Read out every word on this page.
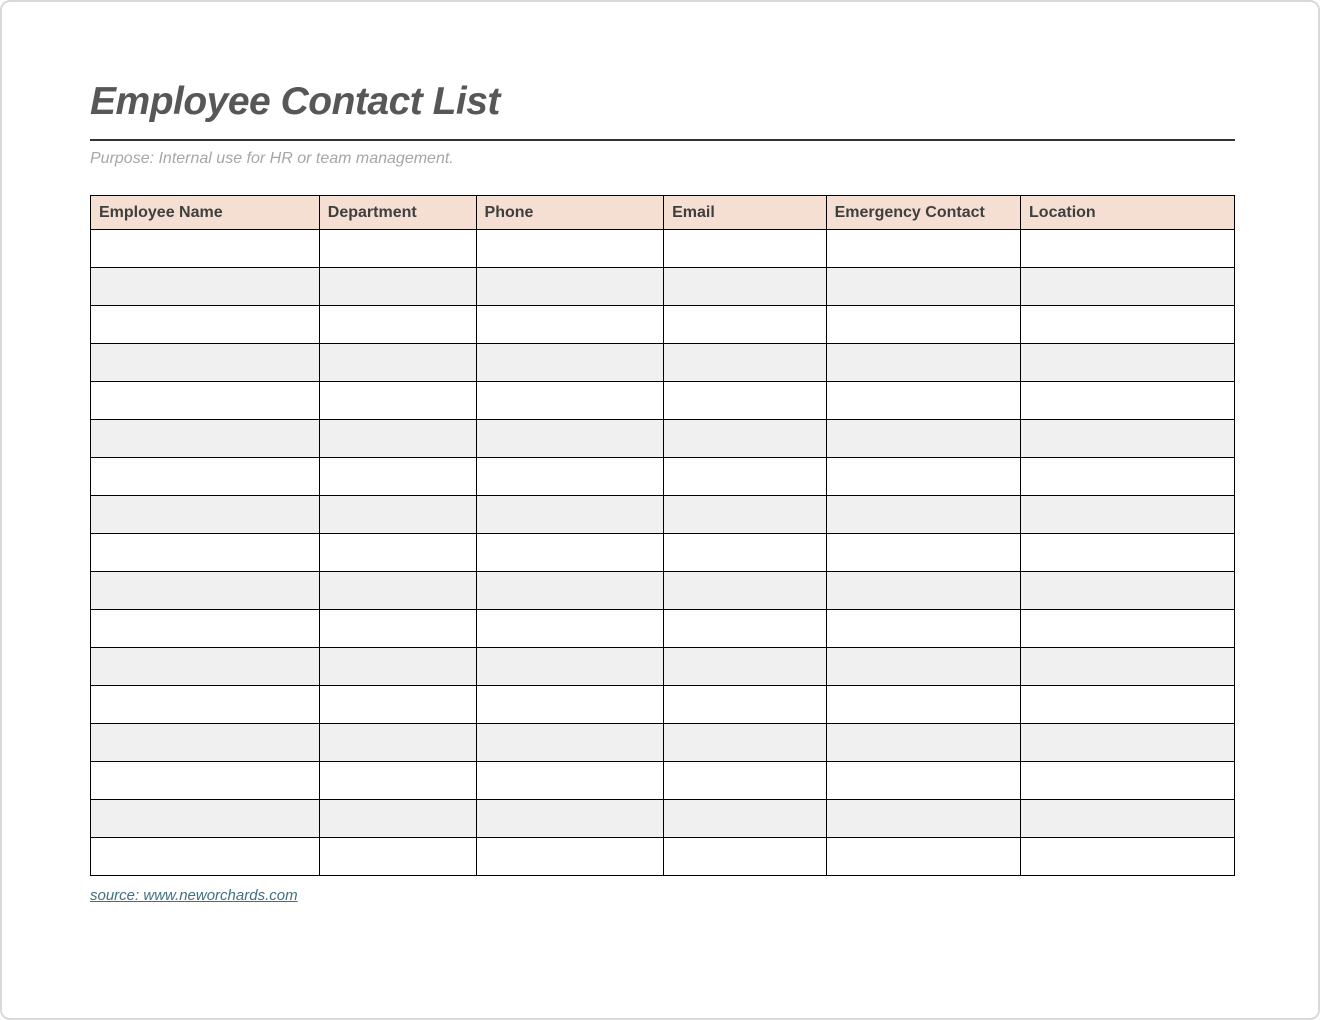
Employee Contact List

Purpose: Internal use for HR or team management.

Employee Name	Department	Phone	Email	Emergency Contact	Location

source: www.neworchards.com
